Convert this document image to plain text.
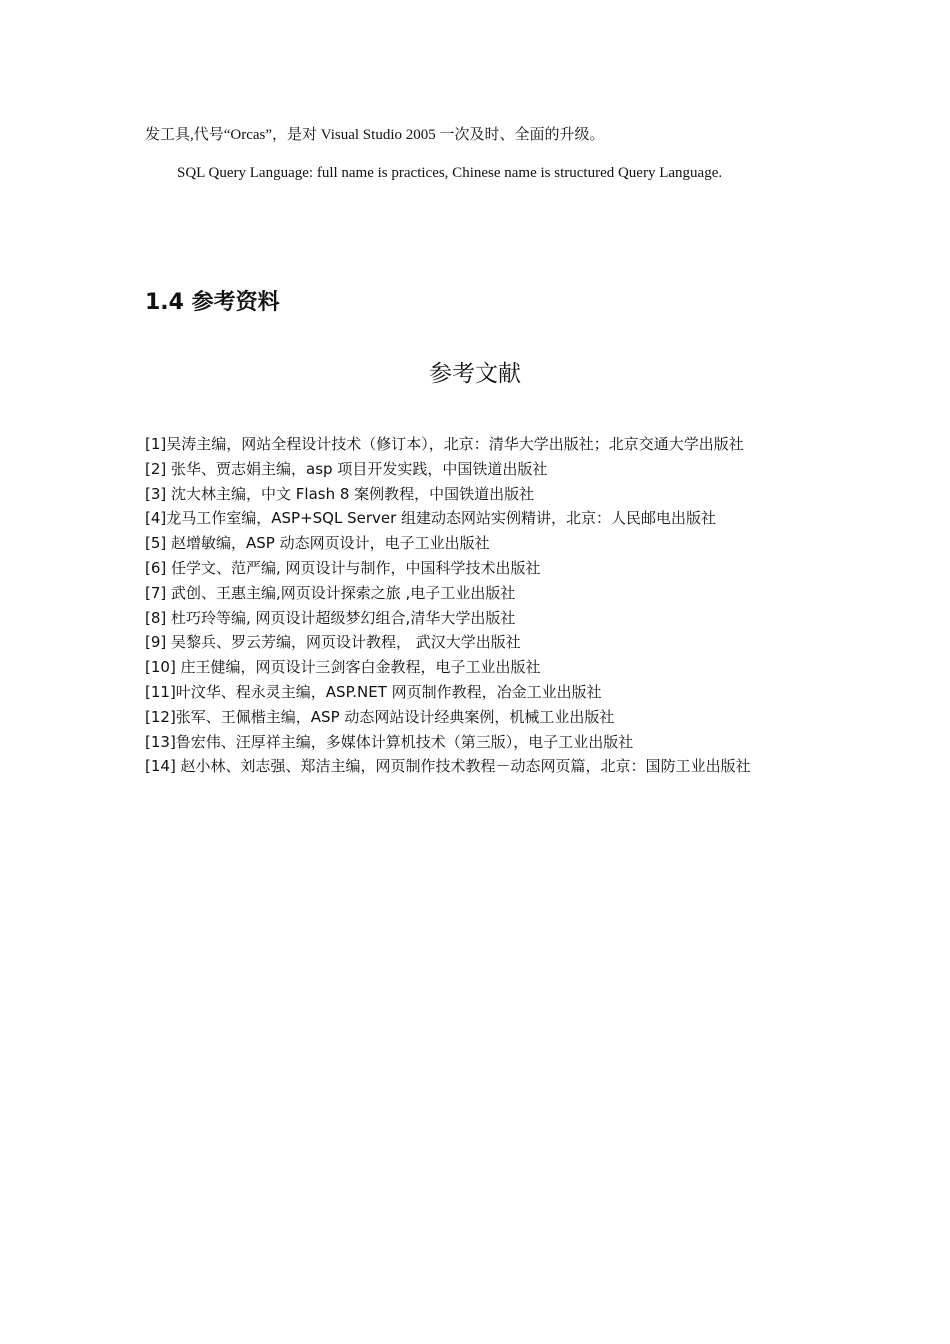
发工具,代号“Orcas”，是对 Visual Studio 2005 一次及时、全面的升级。
SQL Query Language: full name is practices, Chinese name is structured Query Language.
1.4 参考资料
参考文献
[1]吴涛主编，网站全程设计技术（修订本），北京：清华大学出版社；北京交通大学出版社
[2] 张华、贾志娟主编，asp 项目开发实践，中国铁道出版社
[3] 沈大林主编，中文 Flash 8 案例教程，中国铁道出版社
[4]龙马工作室编，ASP+SQL Server 组建动态网站实例精讲，北京：人民邮电出版社
[5] 赵增敏编，ASP 动态网页设计，电子工业出版社
[6] 任学文、范严编, 网页设计与制作，中国科学技术出版社
[7] 武创、王惠主编,网页设计探索之旅 ,电子工业出版社
[8] 杜巧玲等编, 网页设计超级梦幻组合,清华大学出版社
[9] 吴黎兵、罗云芳编，网页设计教程， 武汉大学出版社
[10] 庄王健编，网页设计三剑客白金教程，电子工业出版社
[11]叶汶华、程永灵主编，ASP.NET 网页制作教程，冶金工业出版社
[12]张军、王佩楷主编，ASP 动态网站设计经典案例，机械工业出版社
[13]鲁宏伟、汪厚祥主编，多媒体计算机技术（第三版），电子工业出版社
[14] 赵小林、刘志强、郑洁主编，网页制作技术教程－动态网页篇，北京：国防工业出版社
